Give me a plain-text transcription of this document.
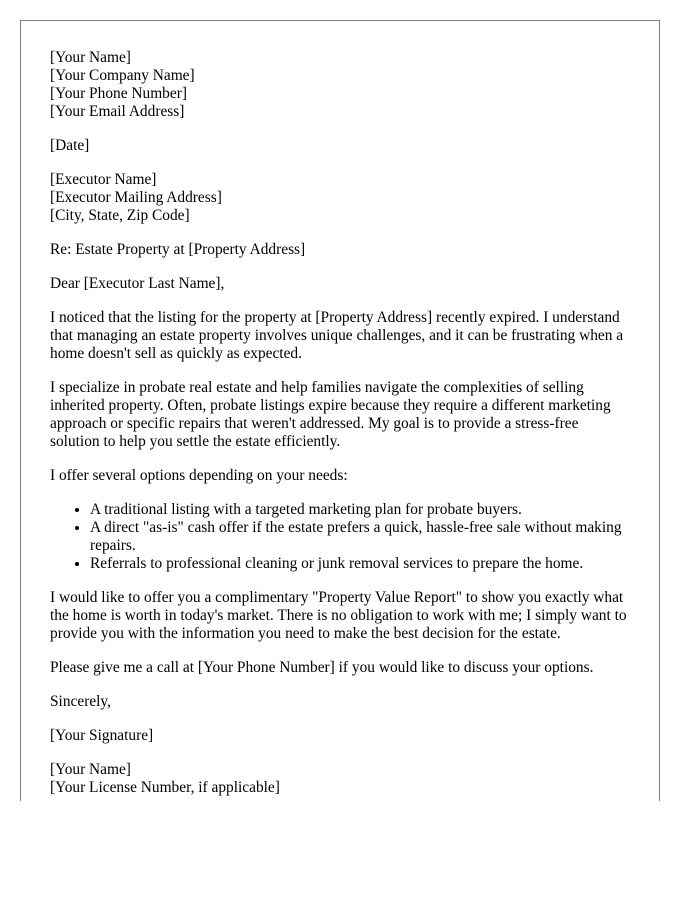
[Your Name]
[Your Company Name]
[Your Phone Number]
[Your Email Address]
[Date]
[Executor Name]
[Executor Mailing Address]
[City, State, Zip Code]

Re: Estate Property at [Property Address]

Dear [Executor Last Name],

I noticed that the listing for the property at [Property Address] recently expired. I understand that managing an estate property involves unique challenges, and it can be frustrating when a home doesn't sell as quickly as expected.

I specialize in probate real estate and help families navigate the complexities of selling inherited property. Often, probate listings expire because they require a different marketing approach or specific repairs that weren't addressed. My goal is to provide a stress-free solution to help you settle the estate efficiently.

I offer several options depending on your needs:

• A traditional listing with a targeted marketing plan for probate buyers.
• A direct "as-is" cash offer if the estate prefers a quick, hassle-free sale without making repairs.
• Referrals to professional cleaning or junk removal services to prepare the home.

I would like to offer you a complimentary "Property Value Report" to show you exactly what the home is worth in today's market. There is no obligation to work with me; I simply want to provide you with the information you need to make the best decision for the estate.

Please give me a call at [Your Phone Number] if you would like to discuss your options.

Sincerely,

[Your Signature]

[Your Name]
[Your License Number, if applicable]
